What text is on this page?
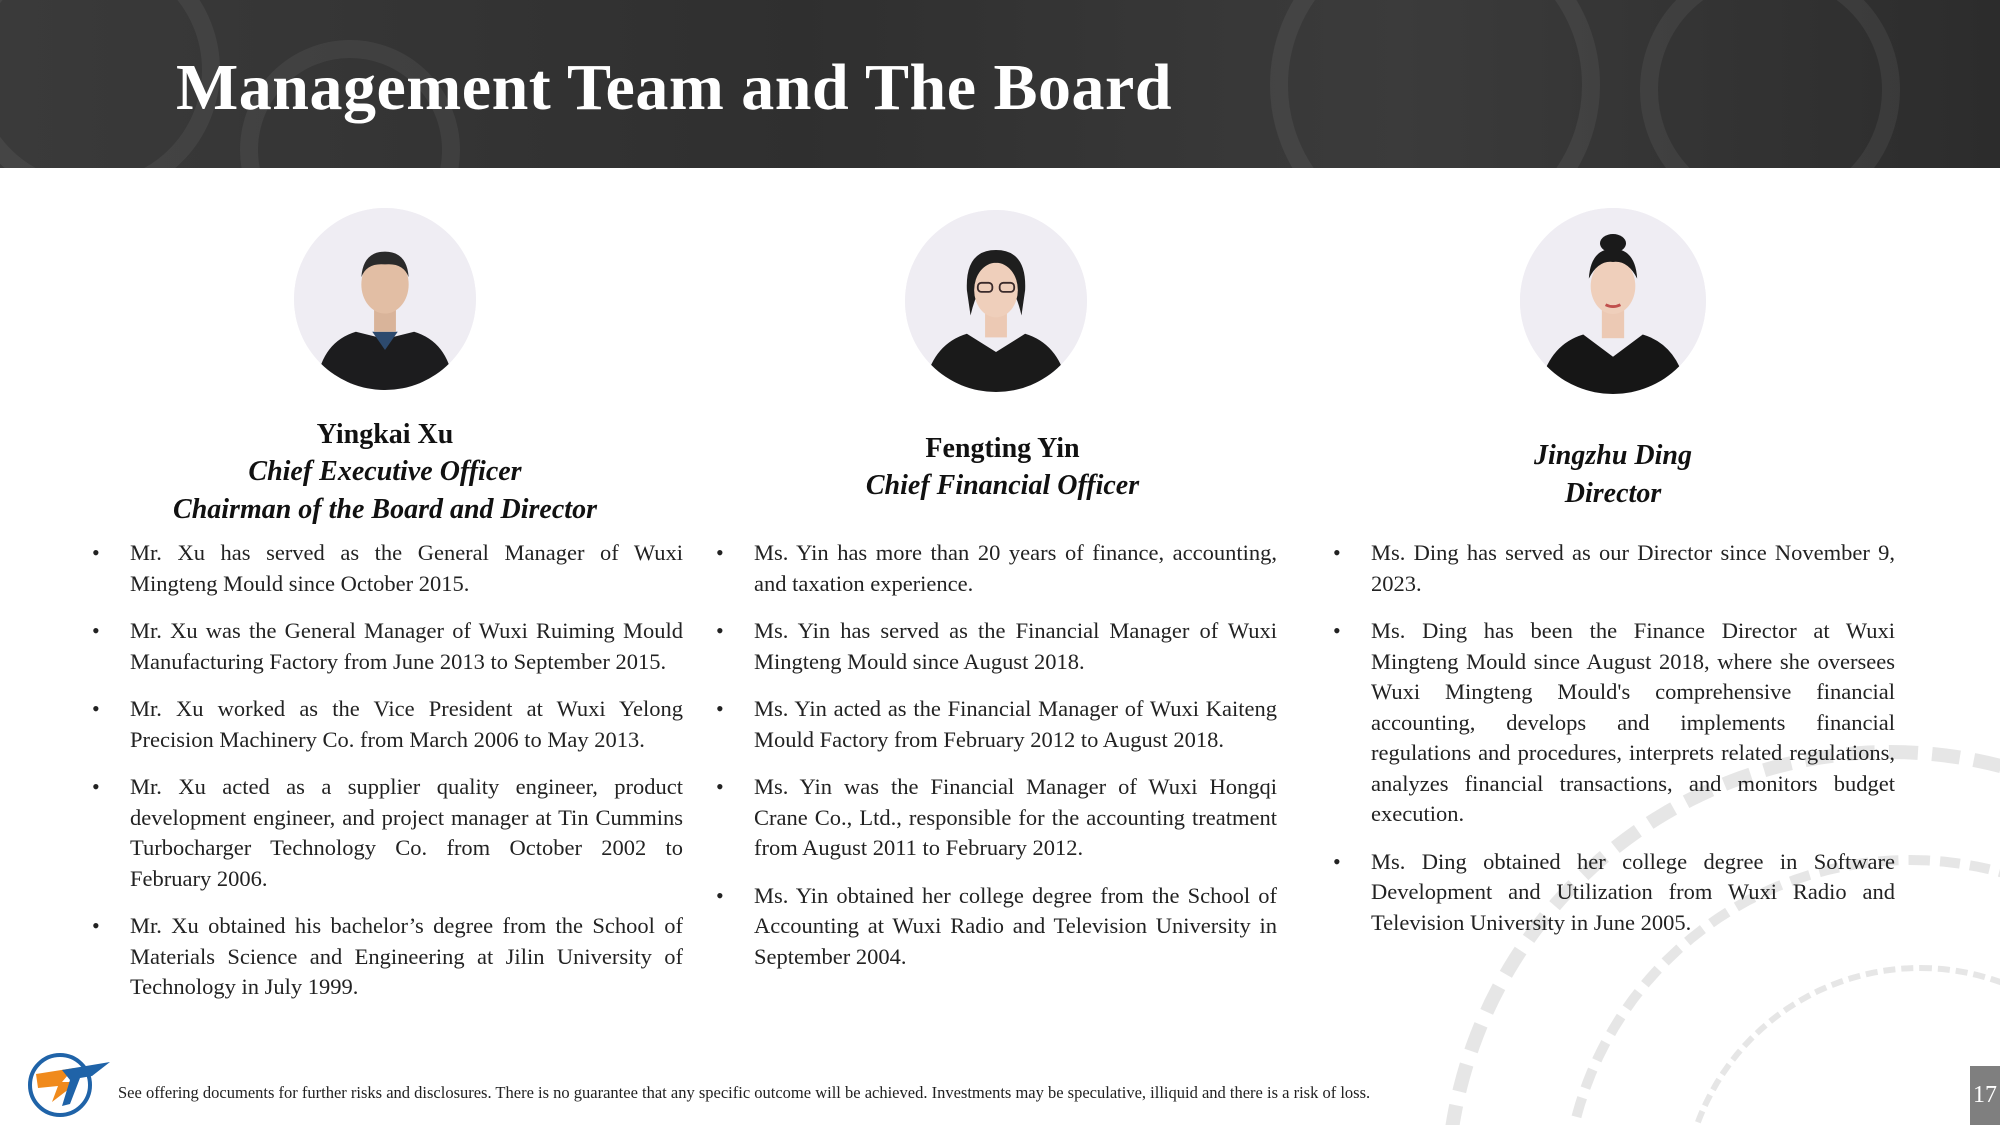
Management Team and The Board
Yingkai Xu
Chief Executive Officer
Chairman of the Board and Director
• Mr. Xu has served as the General Manager of Wuxi Mingteng Mould since October 2015.
• Mr. Xu was the General Manager of Wuxi Ruiming Mould Manufacturing Factory from June 2013 to September 2015.
• Mr. Xu worked as the Vice President at Wuxi Yelong Precision Machinery Co. from March 2006 to May 2013.
• Mr. Xu acted as a supplier quality engineer, product development engineer, and project manager at Tin Cummins Turbocharger Technology Co. from October 2002 to February 2006.
• Mr. Xu obtained his bachelor’s degree from the School of Materials Science and Engineering at Jilin University of Technology in July 1999.
Fengting Yin
Chief Financial Officer
• Ms. Yin has more than 20 years of finance, accounting, and taxation experience.
• Ms. Yin has served as the Financial Manager of Wuxi Mingteng Mould since August 2018.
• Ms. Yin acted as the Financial Manager of Wuxi Kaiteng Mould Factory from February 2012 to August 2018.
• Ms. Yin was the Financial Manager of Wuxi Hongqi Crane Co., Ltd., responsible for the accounting treatment from August 2011 to February 2012.
• Ms. Yin obtained her college degree from the School of Accounting at Wuxi Radio and Television University in September 2004.
Jingzhu Ding
Director
• Ms. Ding has served as our Director since November 9, 2023.
• Ms. Ding has been the Finance Director at Wuxi Mingteng Mould since August 2018, where she oversees Wuxi Mingteng Mould's comprehensive financial accounting, develops and implements financial regulations and procedures, interprets related regulations, analyzes financial transactions, and monitors budget execution.
• Ms. Ding obtained her college degree in Software Development and Utilization from Wuxi Radio and Television University in June 2005.
See offering documents for further risks and disclosures. There is no guarantee that any specific outcome will be achieved. Investments may be speculative, illiquid and there is a risk of loss.	17
